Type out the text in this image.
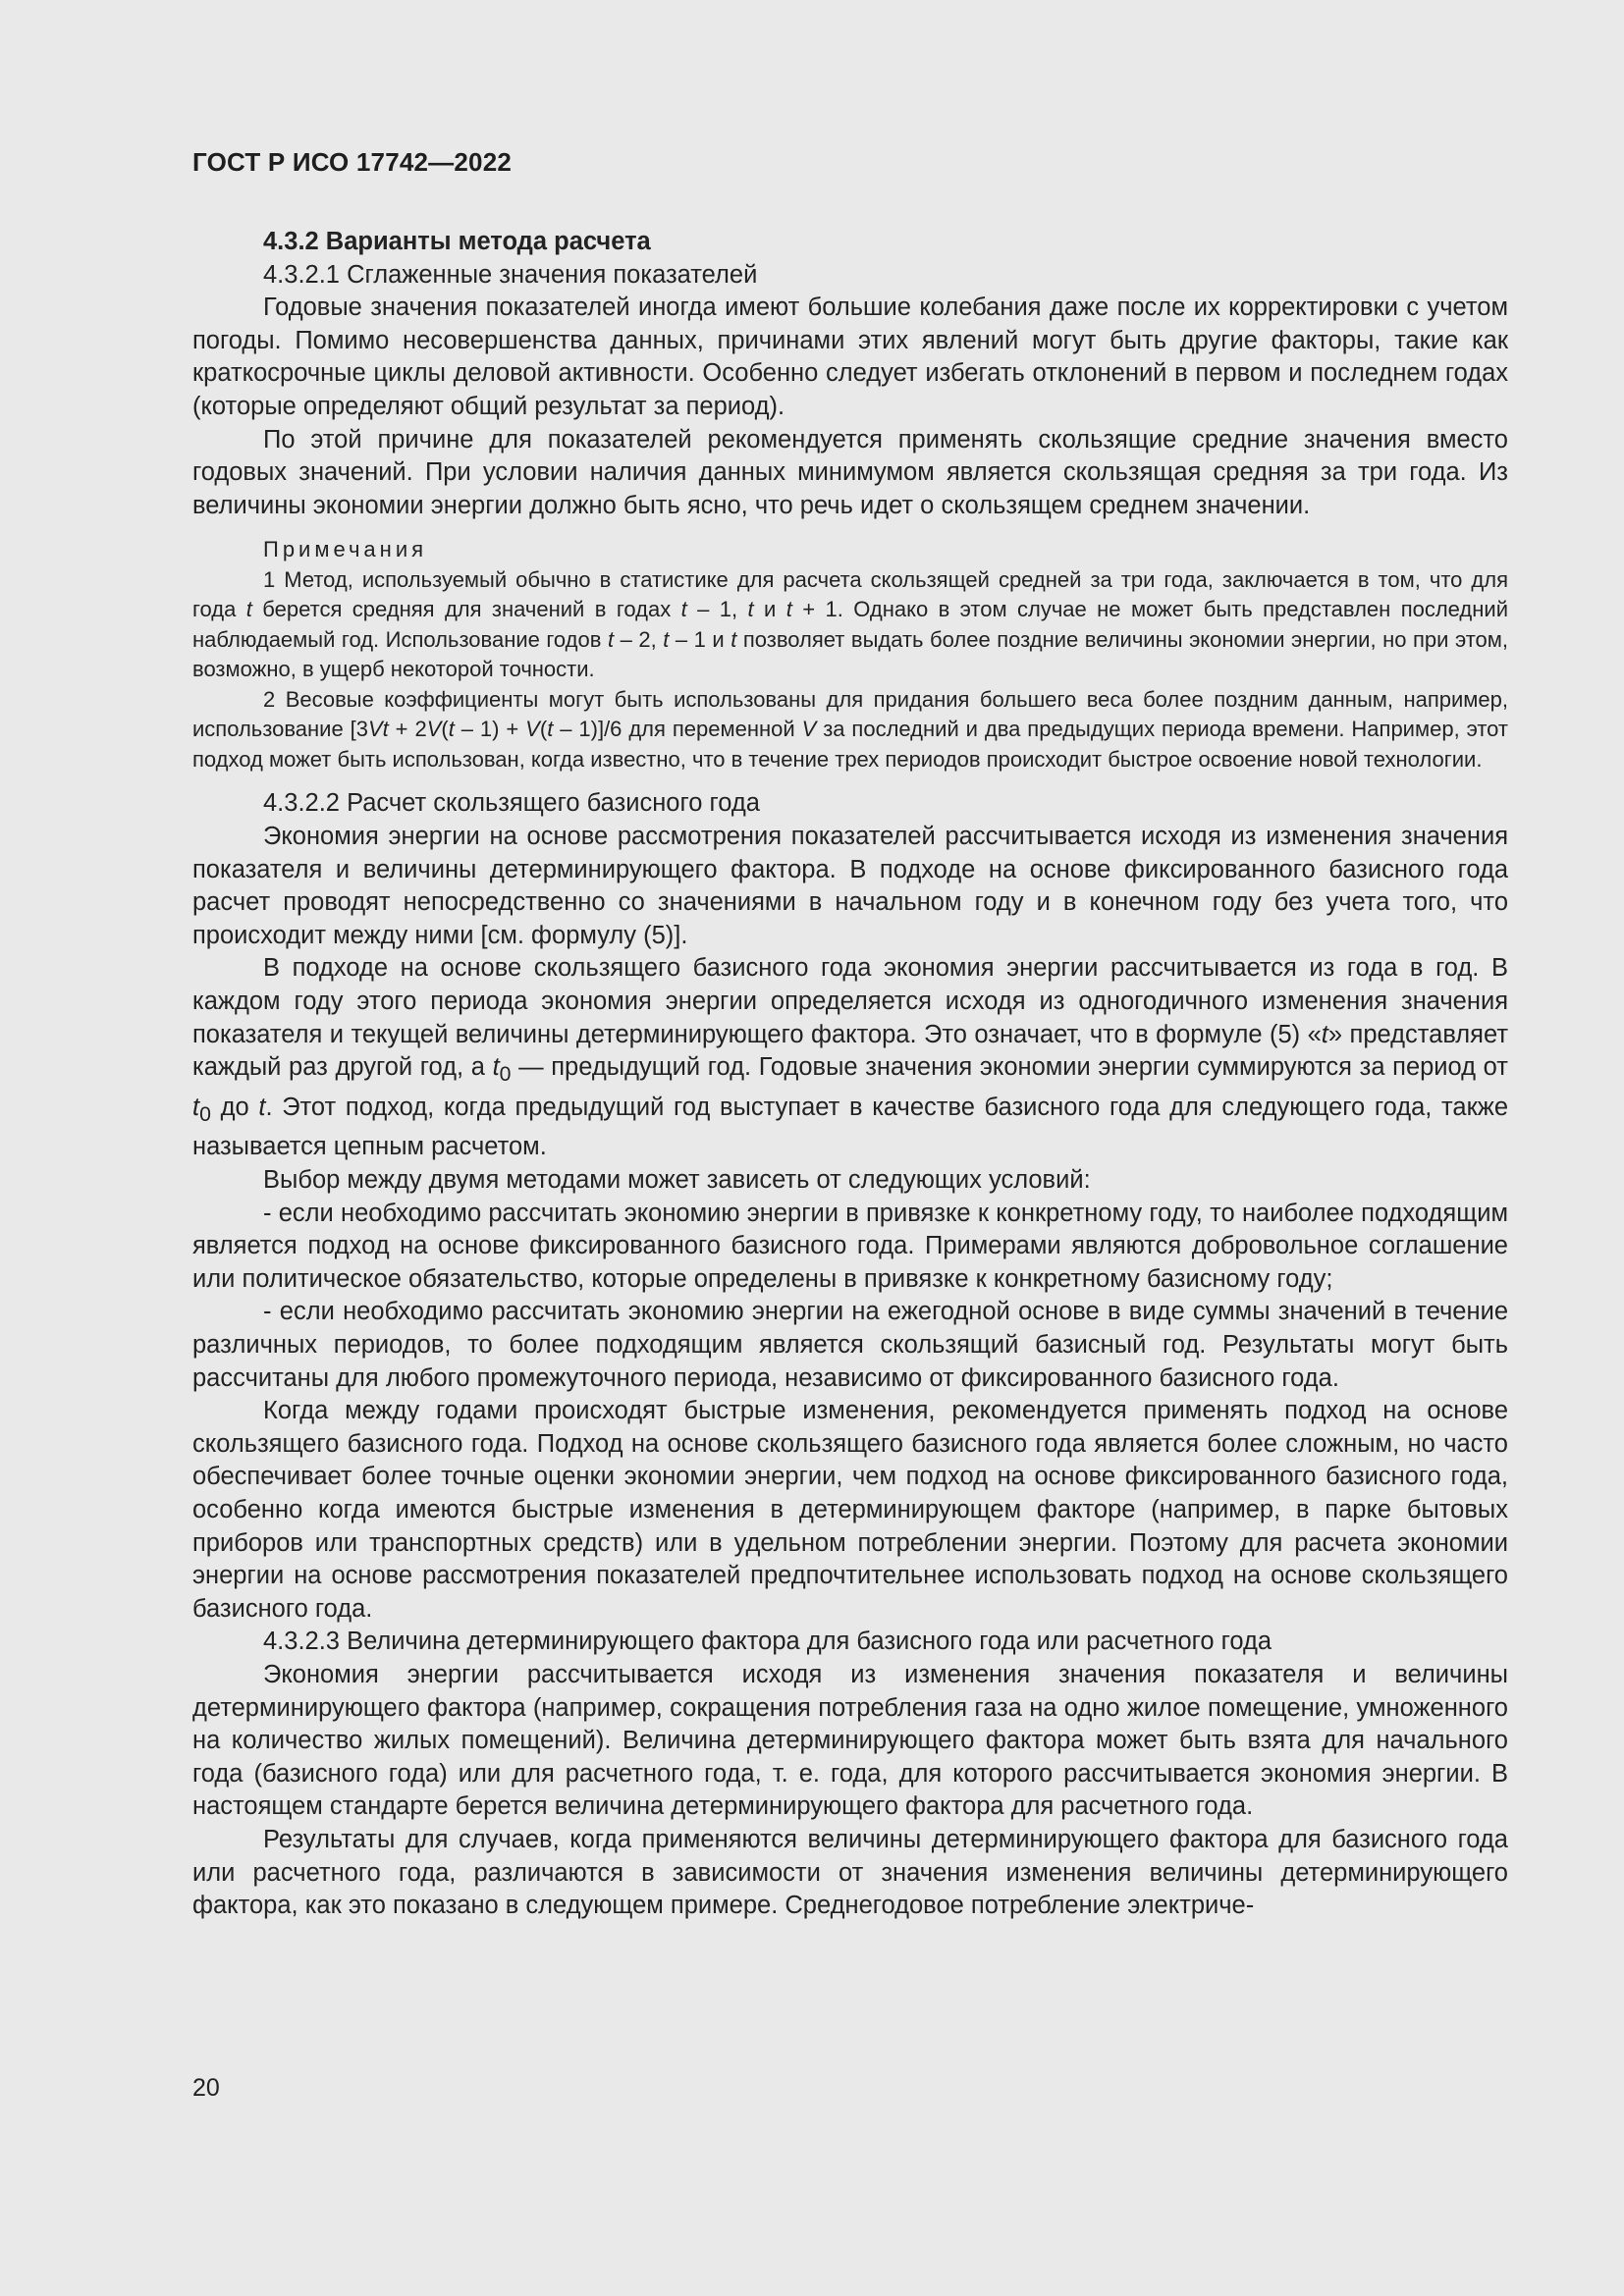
ГОСТ Р ИСО 17742—2022

4.3.2 Варианты метода расчета

4.3.2.1 Сглаженные значения показателей

Годовые значения показателей иногда имеют большие колебания даже после их корректировки с учетом погоды. Помимо несовершенства данных, причинами этих явлений могут быть другие факторы, такие как краткосрочные циклы деловой активности. Особенно следует избегать отклонений в первом и последнем годах (которые определяют общий результат за период).

По этой причине для показателей рекомендуется применять скользящие средние значения вместо годовых значений. При условии наличия данных минимумом является скользящая средняя за три года. Из величины экономии энергии должно быть ясно, что речь идет о скользящем среднем значении.

Примечания

1 Метод, используемый обычно в статистике для расчета скользящей средней за три года, заключается в том, что для года t берется средняя для значений в годах t – 1, t и t + 1. Однако в этом случае не может быть представлен последний наблюдаемый год. Использование годов t – 2, t – 1 и t позволяет выдать более поздние величины экономии энергии, но при этом, возможно, в ущерб некоторой точности.

2 Весовые коэффициенты могут быть использованы для придания большего веса более поздним данным, например, использование [3Vt + 2V(t – 1) + V(t – 1)]/6 для переменной V за последний и два предыдущих периода времени. Например, этот подход может быть использован, когда известно, что в течение трех периодов происходит быстрое освоение новой технологии.

4.3.2.2 Расчет скользящего базисного года

Экономия энергии на основе рассмотрения показателей рассчитывается исходя из изменения значения показателя и величины детерминирующего фактора. В подходе на основе фиксированного базисного года расчет проводят непосредственно со значениями в начальном году и в конечном году без учета того, что происходит между ними [см. формулу (5)].

В подходе на основе скользящего базисного года экономия энергии рассчитывается из года в год. В каждом году этого периода экономия энергии определяется исходя из одногодичного изменения значения показателя и текущей величины детерминирующего фактора. Это означает, что в формуле (5) «t» представляет каждый раз другой год, а $t_0$ — предыдущий год. Годовые значения экономии энергии суммируются за период от $t_0$ до t. Этот подход, когда предыдущий год выступает в качестве базисного года для следующего года, также называется цепным расчетом.

Выбор между двумя методами может зависеть от следующих условий:

- если необходимо рассчитать экономию энергии в привязке к конкретному году, то наиболее подходящим является подход на основе фиксированного базисного года. Примерами являются добровольное соглашение или политическое обязательство, которые определены в привязке к конкретному базисному году;

- если необходимо рассчитать экономию энергии на ежегодной основе в виде суммы значений в течение различных периодов, то более подходящим является скользящий базисный год. Результаты могут быть рассчитаны для любого промежуточного периода, независимо от фиксированного базисного года.

Когда между годами происходят быстрые изменения, рекомендуется применять подход на основе скользящего базисного года. Подход на основе скользящего базисного года является более сложным, но часто обеспечивает более точные оценки экономии энергии, чем подход на основе фиксированного базисного года, особенно когда имеются быстрые изменения в детерминирующем факторе (например, в парке бытовых приборов или транспортных средств) или в удельном потреблении энергии. Поэтому для расчета экономии энергии на основе рассмотрения показателей предпочтительнее использовать подход на основе скользящего базисного года.

4.3.2.3 Величина детерминирующего фактора для базисного года или расчетного года

Экономия энергии рассчитывается исходя из изменения значения показателя и величины детерминирующего фактора (например, сокращения потребления газа на одно жилое помещение, умноженного на количество жилых помещений). Величина детерминирующего фактора может быть взята для начального года (базисного года) или для расчетного года, т. е. года, для которого рассчитывается экономия энергии. В настоящем стандарте берется величина детерминирующего фактора для расчетного года.

Результаты для случаев, когда применяются величины детерминирующего фактора для базисного года или расчетного года, различаются в зависимости от значения изменения величины детерминирующего фактора, как это показано в следующем примере. Среднегодовое потребление электриче-

20
